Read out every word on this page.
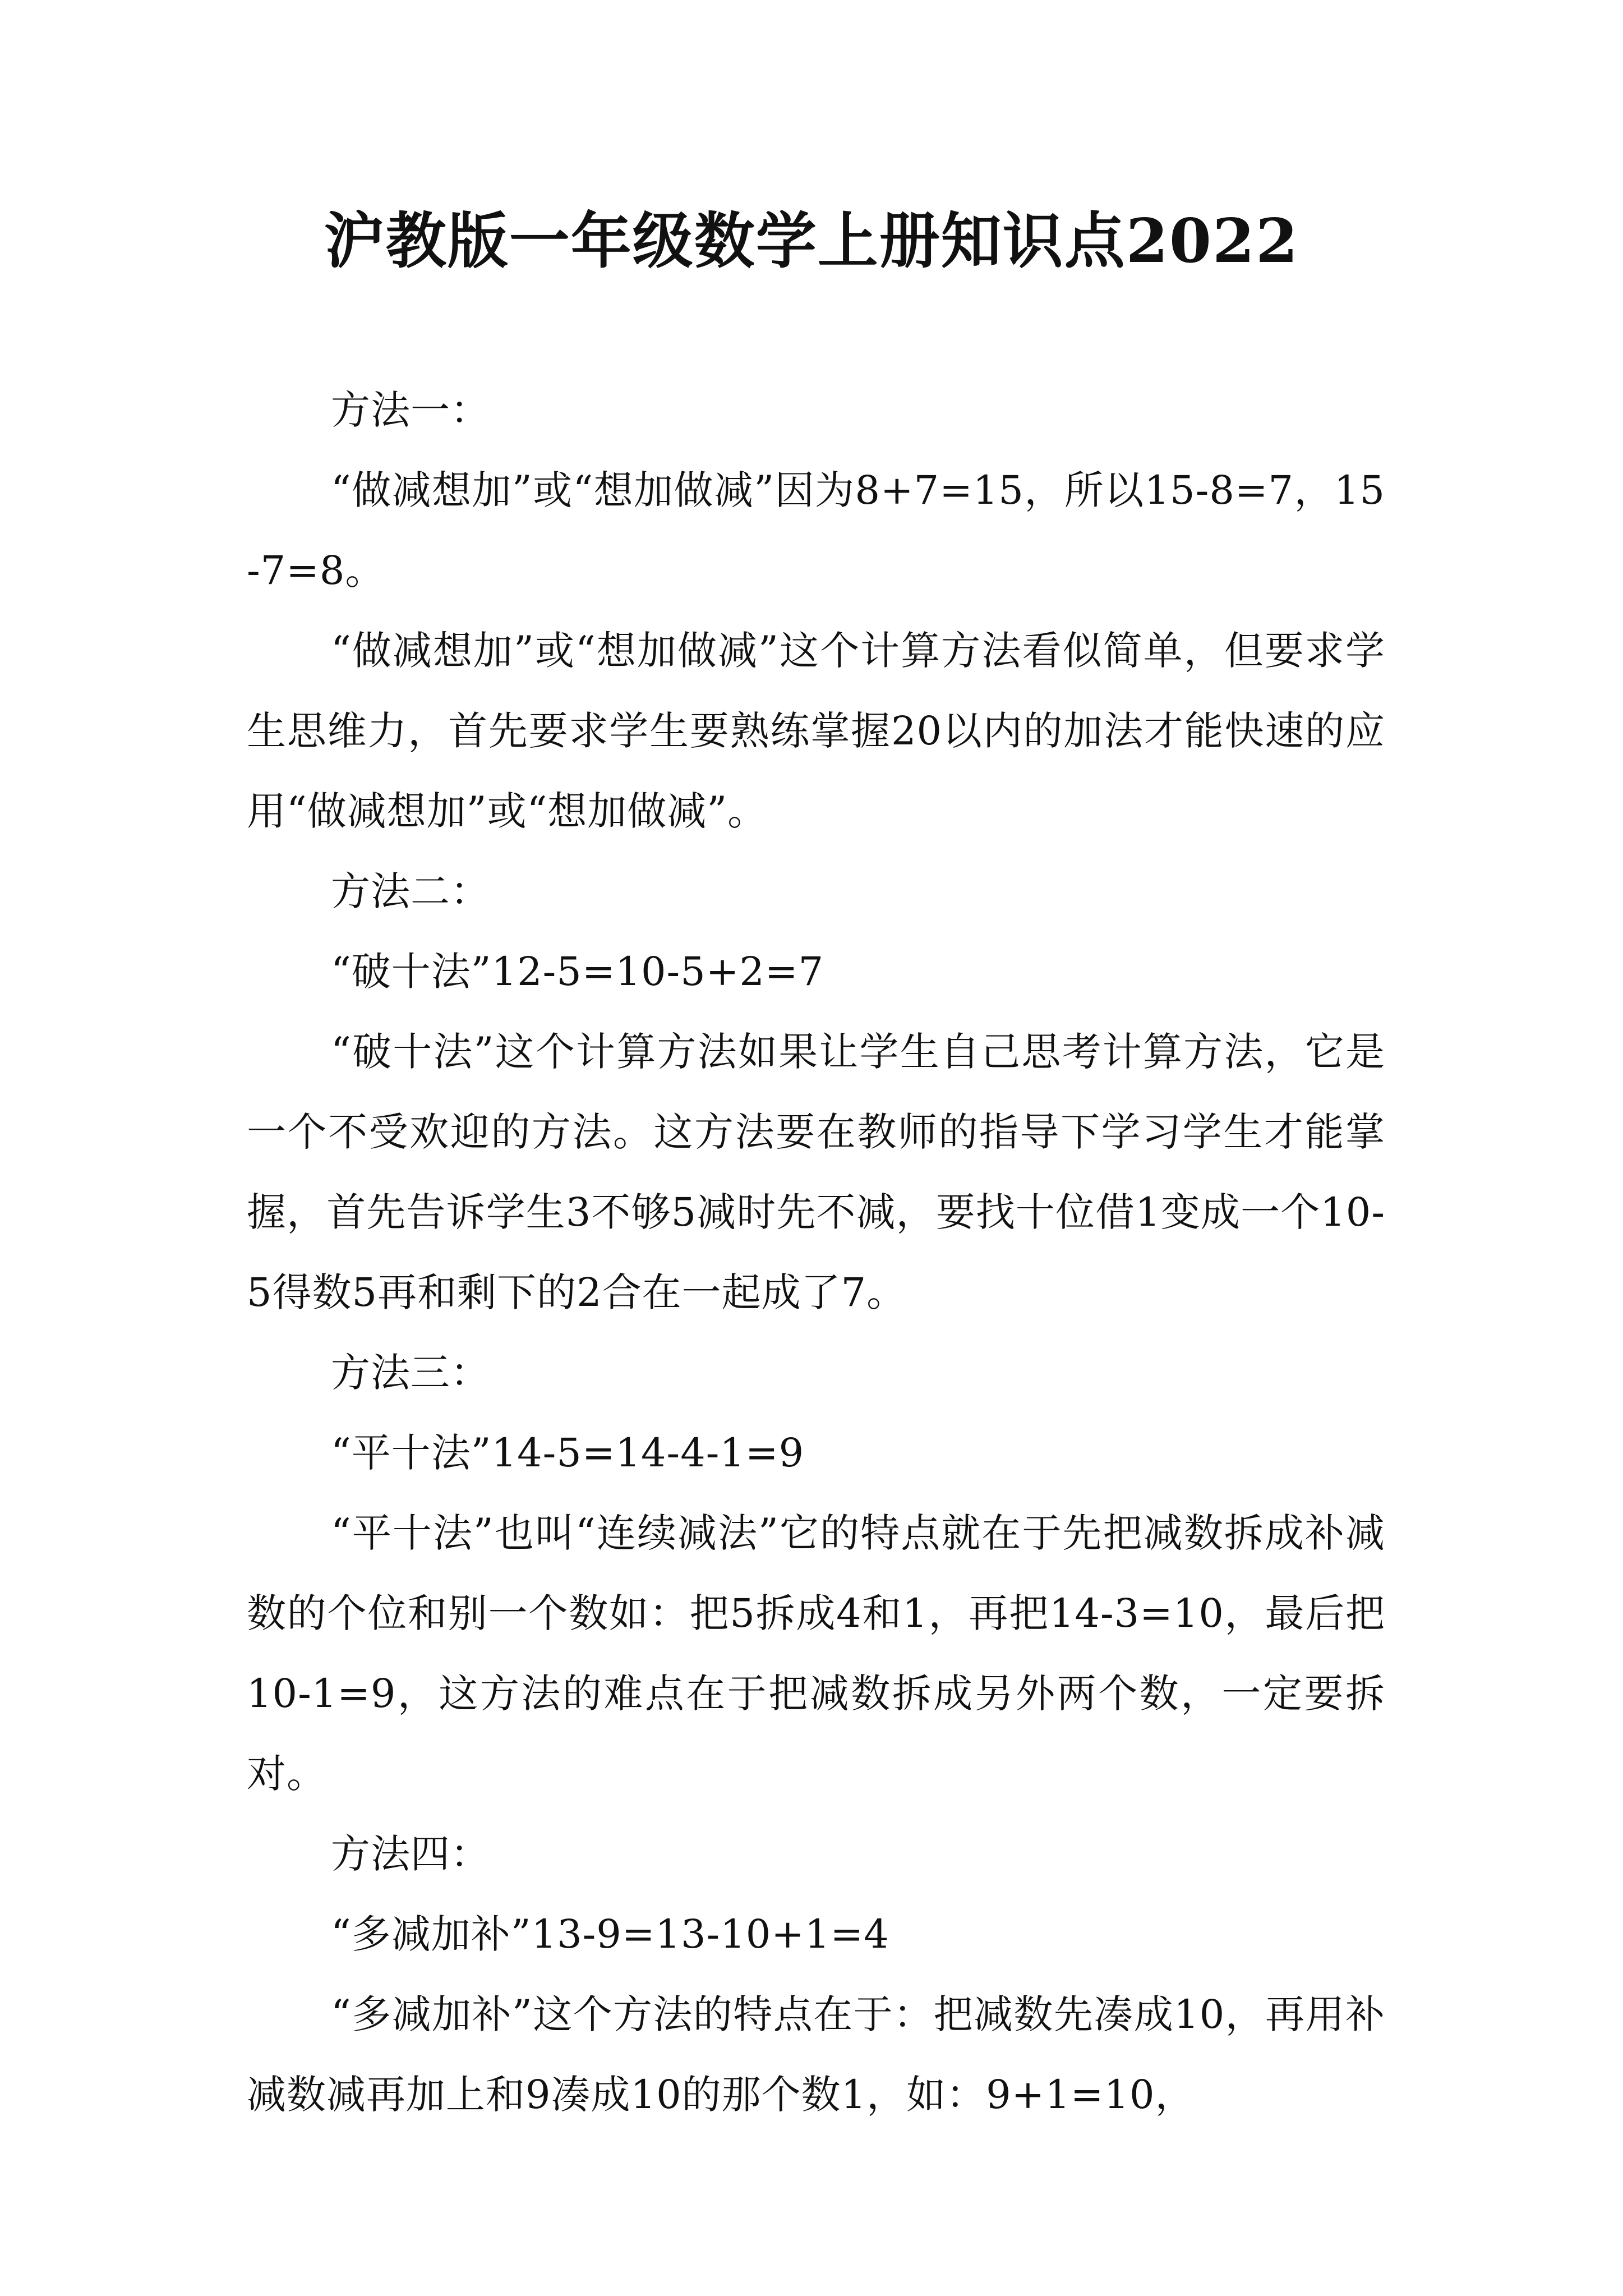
沪教版一年级数学上册知识点2022

方法一：

“做减想加”或“想加做减”因为8+7=15，所以15-8=7，15-7=8。

“做减想加”或“想加做减”这个计算方法看似简单，但要求学生思维力，首先要求学生要熟练掌握20以内的加法才能快速的应用“做减想加”或“想加做减”。

方法二：

“破十法”12-5=10-5+2=7

“破十法”这个计算方法如果让学生自己思考计算方法，它是一个不受欢迎的方法。这方法要在教师的指导下学习学生才能掌握，首先告诉学生3不够5减时先不减，要找十位借1变成一个10-5得数5再和剩下的2合在一起成了7。

方法三：

“平十法”14-5=14-4-1=9

“平十法”也叫“连续减法”它的特点就在于先把减数拆成补减数的个位和别一个数如：把5拆成4和1，再把14-3=10，最后把10-1=9，这方法的难点在于把减数拆成另外两个数，一定要拆对。

方法四：

“多减加补”13-9=13-10+1=4

“多减加补”这个方法的特点在于：把减数先凑成10，再用补减数减再加上和9凑成10的那个数1，如：9+1=10，
